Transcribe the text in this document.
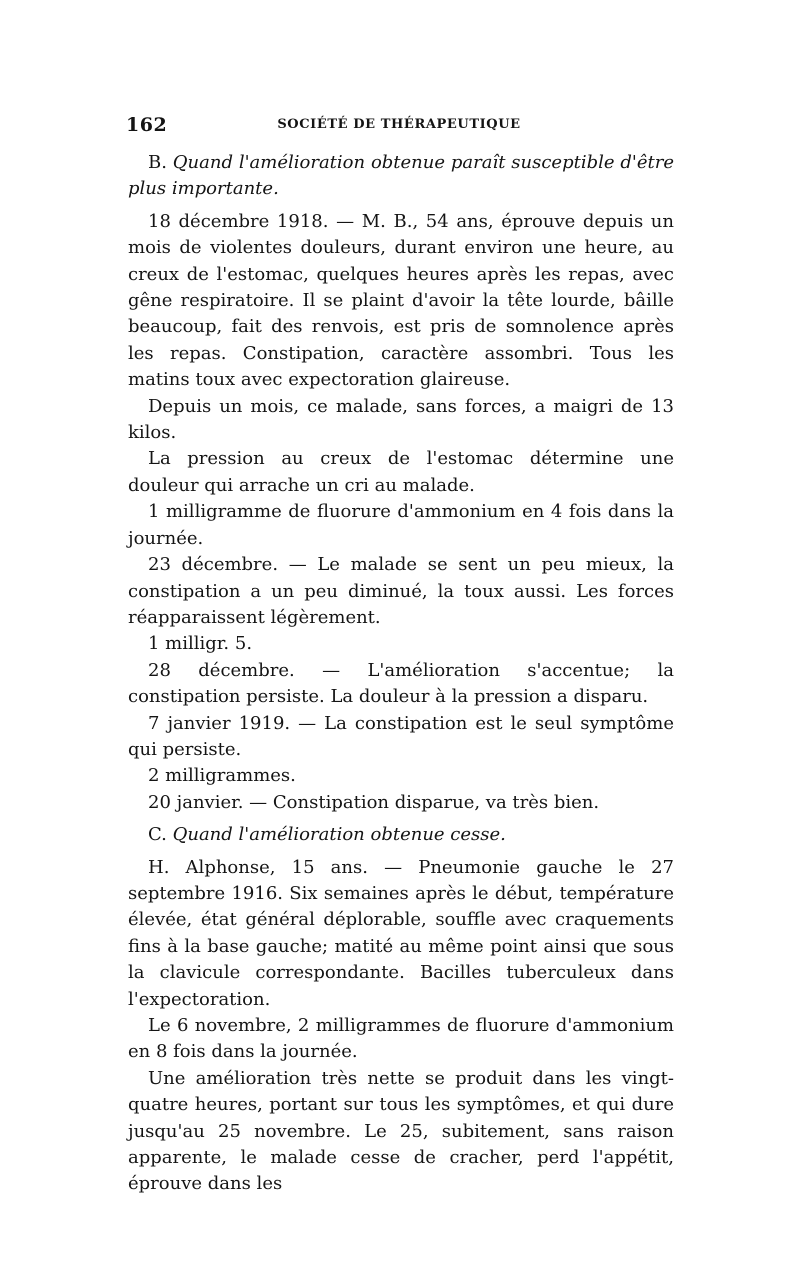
162	SOCIÉTÉ DE THÉRAPEUTIQUE

B. Quand l'amélioration obtenue paraît susceptible d'être plus importante.

18 décembre 1918. — M. B., 54 ans, éprouve depuis un mois de violentes douleurs, durant environ une heure, au creux de l'estomac, quelques heures après les repas, avec gêne respiratoire. Il se plaint d'avoir la tête lourde, bâille beaucoup, fait des renvois, est pris de somnolence après les repas. Constipation, caractère assombri. Tous les matins toux avec expectoration glaireuse.

Depuis un mois, ce malade, sans forces, a maigri de 13 kilos.

La pression au creux de l'estomac détermine une douleur qui arrache un cri au malade.

1 milligramme de fluorure d'ammonium en 4 fois dans la journée.

23 décembre. — Le malade se sent un peu mieux, la constipation a un peu diminué, la toux aussi. Les forces réapparaissent légèrement.

1 milligr. 5.

28 décembre. — L'amélioration s'accentue; la constipation persiste. La douleur à la pression a disparu.

7 janvier 1919. — La constipation est le seul symptôme qui persiste.

2 milligrammes.

20 janvier. — Constipation disparue, va très bien.

C. Quand l'amélioration obtenue cesse.

H. Alphonse, 15 ans. — Pneumonie gauche le 27 septembre 1916. Six semaines après le début, température élevée, état général déplorable, souffle avec craquements fins à la base gauche; matité au même point ainsi que sous la clavicule correspondante. Bacilles tuberculeux dans l'expectoration.

Le 6 novembre, 2 milligrammes de fluorure d'ammonium en 8 fois dans la journée.

Une amélioration très nette se produit dans les vingt-quatre heures, portant sur tous les symptômes, et qui dure jusqu'au 25 novembre. Le 25, subitement, sans raison apparente, le malade cesse de cracher, perd l'appétit, éprouve dans les
